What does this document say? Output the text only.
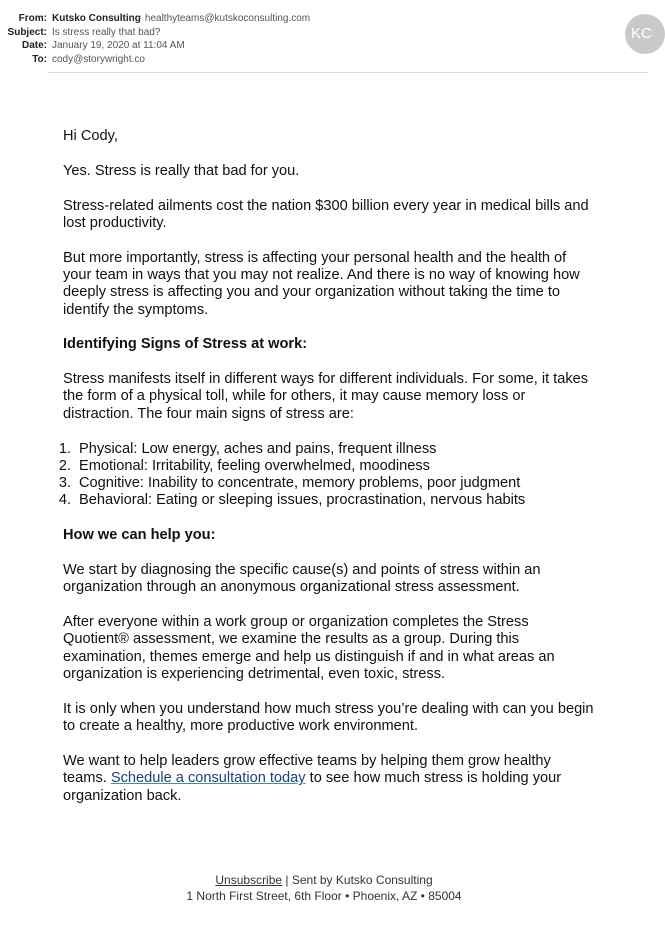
From: Kutsko Consulting healthyteams@kutskoconsulting.com
Subject: Is stress really that bad?
Date: January 19, 2020 at 11:04 AM
To: cody@storywright.co
KC

Hi Cody,

Yes. Stress is really that bad for you.

Stress-related ailments cost the nation $300 billion every year in medical bills and
lost productivity.

But more importantly, stress is affecting your personal health and the health of
your team in ways that you may not realize. And there is no way of knowing how
deeply stress is affecting you and your organization without taking the time to
identify the symptoms.

Identifying Signs of Stress at work:

Stress manifests itself in different ways for different individuals. For some, it takes
the form of a physical toll, while for others, it may cause memory loss or
distraction. The four main signs of stress are:

1. Physical: Low energy, aches and pains, frequent illness
2. Emotional: Irritability, feeling overwhelmed, moodiness
3. Cognitive: Inability to concentrate, memory problems, poor judgment
4. Behavioral: Eating or sleeping issues, procrastination, nervous habits

How we can help you:

We start by diagnosing the specific cause(s) and points of stress within an
organization through an anonymous organizational stress assessment.

After everyone within a work group or organization completes the Stress
Quotient® assessment, we examine the results as a group. During this
examination, themes emerge and help us distinguish if and in what areas an
organization is experiencing detrimental, even toxic, stress.

It is only when you understand how much stress you’re dealing with can you begin
to create a healthy, more productive work environment.

We want to help leaders grow effective teams by helping them grow healthy
teams. Schedule a consultation today to see how much stress is holding your
organization back.

Unsubscribe | Sent by Kutsko Consulting
1 North First Street, 6th Floor • Phoenix, AZ • 85004
